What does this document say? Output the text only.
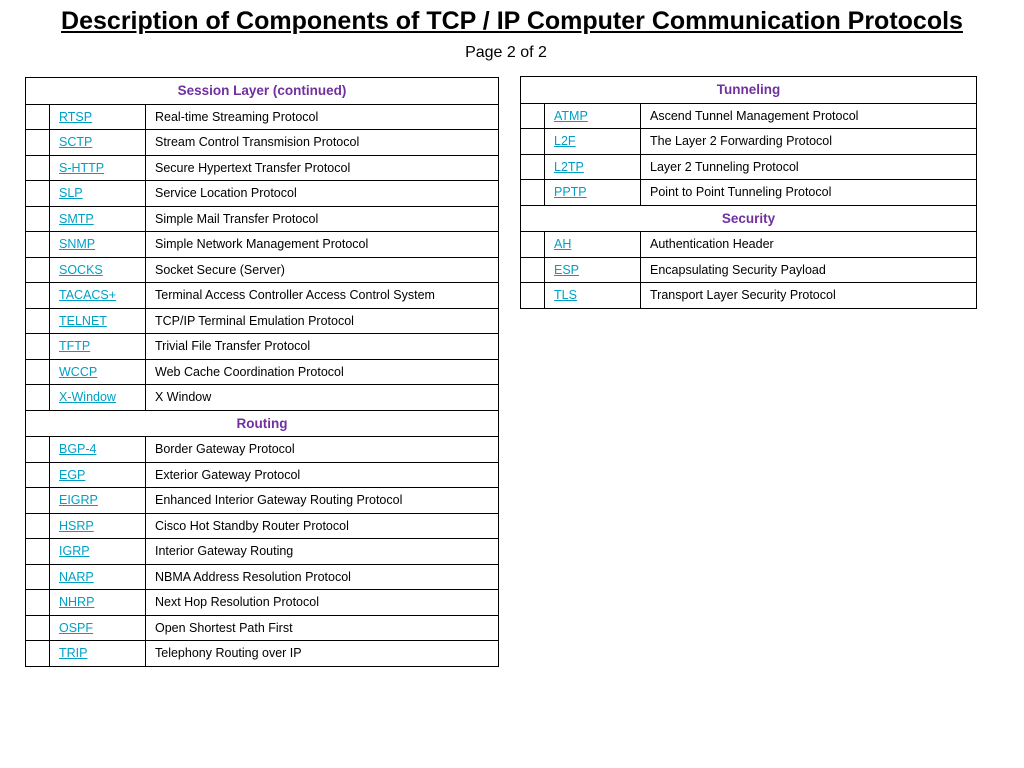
Description of Components of TCP / IP Computer Communication Protocols
Page 2 of 2
Session Layer (continued)		
	RTSP	Real-time Streaming Protocol
	SCTP	Stream Control Transmision Protocol
	S-HTTP	Secure Hypertext Transfer Protocol
	SLP	Service Location Protocol
	SMTP	Simple Mail Transfer Protocol
	SNMP	Simple Network Management Protocol
	SOCKS	Socket Secure (Server)
	TACACS+	Terminal Access Controller Access Control System
	TELNET	TCP/IP Terminal Emulation Protocol
	TFTP	Trivial File Transfer Protocol
	WCCP	Web Cache Coordination Protocol
	X-Window	X Window
Routing		
	BGP-4	Border Gateway Protocol
	EGP	Exterior Gateway Protocol
	EIGRP	Enhanced Interior Gateway Routing Protocol
	HSRP	Cisco Hot Standby Router Protocol
	IGRP	Interior Gateway Routing
	NARP	NBMA Address Resolution Protocol
	NHRP	Next Hop Resolution Protocol
	OSPF	Open Shortest Path First
	TRIP	Telephony Routing over IP
Tunneling		
	ATMP	Ascend Tunnel Management Protocol
	L2F	The Layer 2 Forwarding Protocol
	L2TP	Layer 2 Tunneling Protocol
	PPTP	Point to Point Tunneling Protocol
Security		
	AH	Authentication Header
	ESP	Encapsulating Security Payload
	TLS	Transport Layer Security Protocol
